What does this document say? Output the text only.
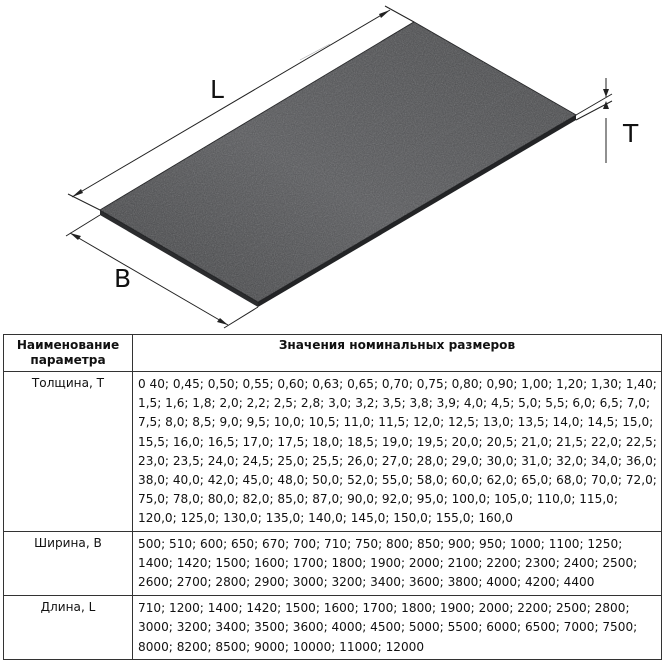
L
B
T
Наименование параметра	Значения номинальных размеров
Толщина, T	0 40; 0,45; 0,50; 0,55; 0,60; 0,63; 0,65; 0,70; 0,75; 0,80; 0,90; 1,00; 1,20; 1,30; 1,40; 1,5; 1,6; 1,8; 2,0; 2,2; 2,5; 2,8; 3,0; 3,2; 3,5; 3,8; 3,9; 4,0; 4,5; 5,0; 5,5; 6,0; 6,5; 7,0; 7,5; 8,0; 8,5; 9,0; 9,5; 10,0; 10,5; 11,0; 11,5; 12,0; 12,5; 13,0; 13,5; 14,0; 14,5; 15,0; 15,5; 16,0; 16,5; 17,0; 17,5; 18,0; 18,5; 19,0; 19,5; 20,0; 20,5; 21,0; 21,5; 22,0; 22,5; 23,0; 23,5; 24,0; 24,5; 25,0; 25,5; 26,0; 27,0; 28,0; 29,0; 30,0; 31,0; 32,0; 34,0; 36,0; 38,0; 40,0; 42,0; 45,0; 48,0; 50,0; 52,0; 55,0; 58,0; 60,0; 62,0; 65,0; 68,0; 70,0; 72,0; 75,0; 78,0; 80,0; 82,0; 85,0; 87,0; 90,0; 92,0; 95,0; 100,0; 105,0; 110,0; 115,0; 120,0; 125,0; 130,0; 135,0; 140,0; 145,0; 150,0; 155,0; 160,0
Ширина, B	500; 510; 600; 650; 670; 700; 710; 750; 800; 850; 900; 950; 1000; 1100; 1250; 1400; 1420; 1500; 1600; 1700; 1800; 1900; 2000; 2100; 2200; 2300; 2400; 2500; 2600; 2700; 2800; 2900; 3000; 3200; 3400; 3600; 3800; 4000; 4200; 4400
Длина, L	710; 1200; 1400; 1420; 1500; 1600; 1700; 1800; 1900; 2000; 2200; 2500; 2800; 3000; 3200; 3400; 3500; 3600; 4000; 4500; 5000; 5500; 6000; 6500; 7000; 7500; 8000; 8200; 8500; 9000; 10000; 11000; 12000
